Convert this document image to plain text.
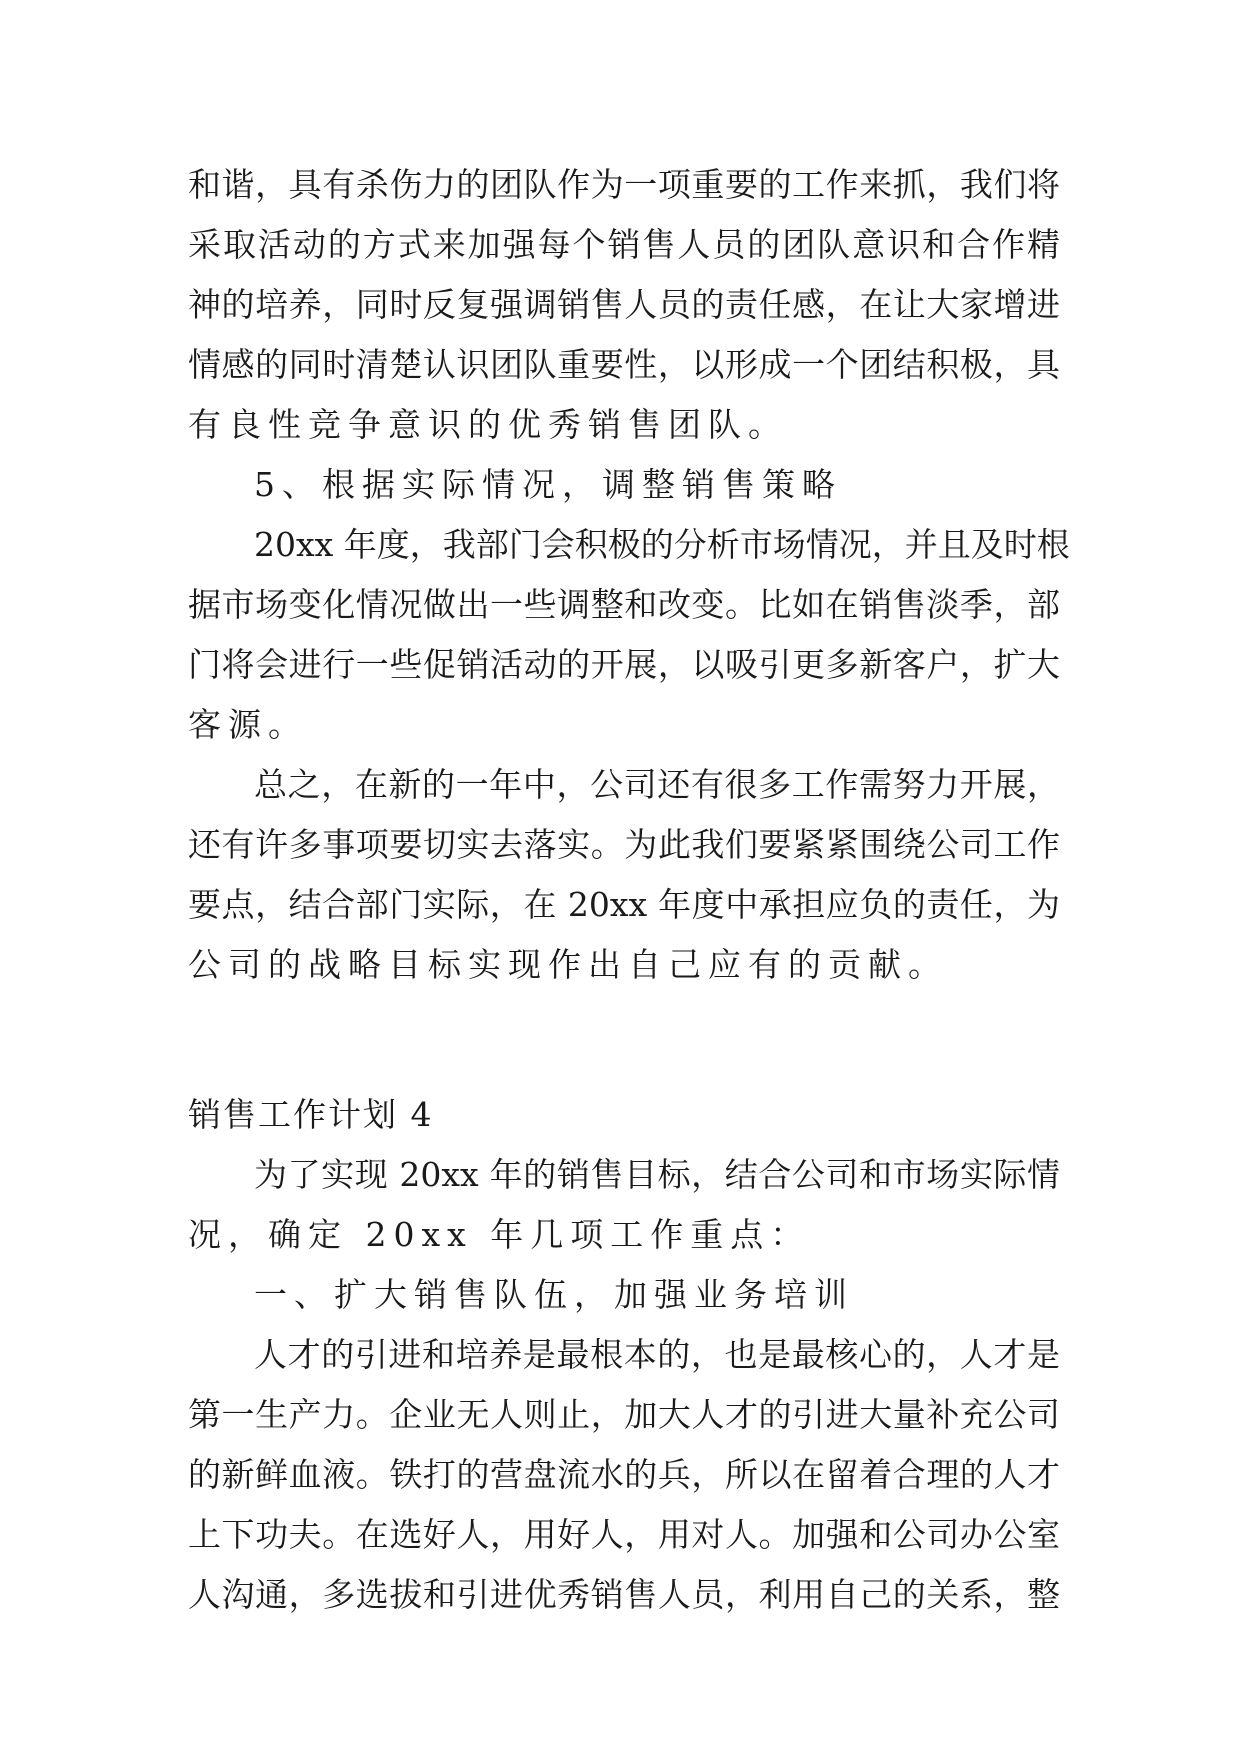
和谐，具有杀伤力的团队作为一项重要的工作来抓，我们将
采取活动的方式来加强每个销售人员的团队意识和合作精
神的培养，同时反复强调销售人员的责任感，在让大家增进
情感的同时清楚认识团队重要性，以形成一个团结积极，具
有良性竞争意识的优秀销售团队。
5、根据实际情况，调整销售策略
20xx 年度，我部门会积极的分析市场情况，并且及时根
据市场变化情况做出一些调整和改变。比如在销售淡季，部
门将会进行一些促销活动的开展，以吸引更多新客户，扩大
客源。
总之，在新的一年中，公司还有很多工作需努力开展，
还有许多事项要切实去落实。为此我们要紧紧围绕公司工作
要点，结合部门实际，在 20xx 年度中承担应负的责任，为
公司的战略目标实现作出自己应有的贡献。
销售工作计划 4
为了实现 20xx 年的销售目标，结合公司和市场实际情
况，确定 20xx 年几项工作重点：
一、扩大销售队伍，加强业务培训
人才的引进和培养是最根本的，也是最核心的，人才是
第一生产力。企业无人则止，加大人才的引进大量补充公司
的新鲜血液。铁打的营盘流水的兵，所以在留着合理的人才
上下功夫。在选好人，用好人，用对人。加强和公司办公室
人沟通，多选拔和引进优秀销售人员，利用自己的关系，整
